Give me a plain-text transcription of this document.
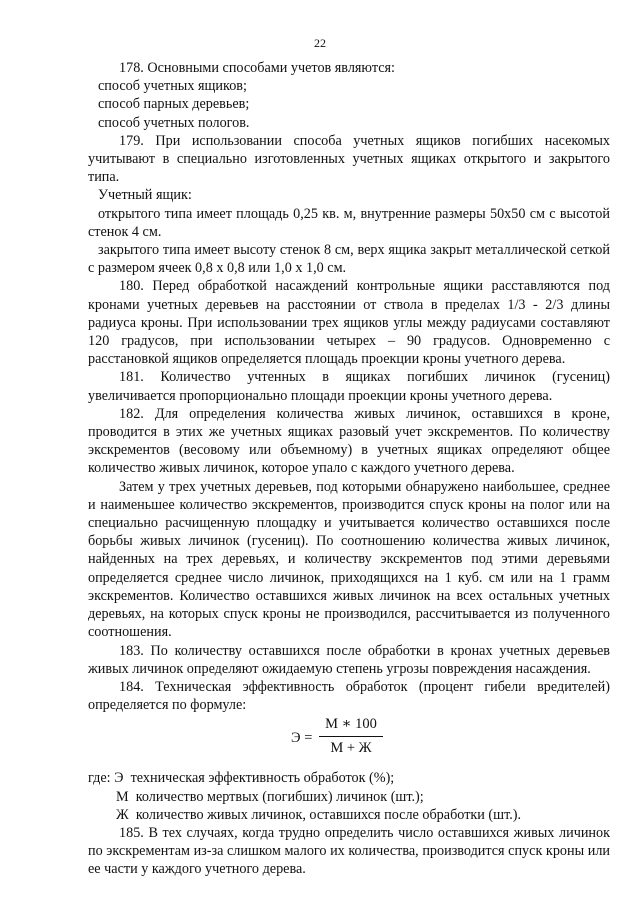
22

178. Основными способами учетов являются:

способ учетных ящиков;

способ парных деревьев;

способ учетных пологов.

179. При использовании способа учетных ящиков погибших насекомых учитывают в специально изготовленных учетных ящиках открытого и закрытого типа.

Учетный ящик:

открытого типа имеет площадь 0,25 кв. м, внутренние размеры 50х50 см с высотой стенок 4 см.

закрытого типа имеет высоту стенок 8 см, верх ящика закрыт металлической сеткой с размером ячеек 0,8 х 0,8 или 1,0 х 1,0 см.

180. Перед обработкой насаждений контрольные ящики расставляются под кронами учетных деревьев на расстоянии от ствола в пределах 1/3 - 2/3 длины радиуса кроны. При использовании трех ящиков углы между радиусами составляют 120 градусов, при использовании четырех – 90 градусов. Одновременно с расстановкой ящиков определяется площадь проекции кроны учетного дерева.

181. Количество учтенных в ящиках погибших личинок (гусениц) увеличивается пропорционально площади проекции кроны учетного дерева.

182. Для определения количества живых личинок, оставшихся в кроне, проводится в этих же учетных ящиках разовый учет экскрементов. По количеству экскрементов (весовому или объемному) в учетных ящиках определяют общее количество живых личинок, которое упало с каждого учетного дерева.

Затем у трех учетных деревьев, под которыми обнаружено наибольшее, среднее и наименьшее количество экскрементов, производится спуск кроны на полог или на специально расчищенную площадку и учитывается количество оставшихся после борьбы живых личинок (гусениц). По соотношению количества живых личинок, найденных на трех деревьях, и количеству экскрементов под этими деревьями определяется среднее число личинок, приходящихся на 1 куб. см или на 1 грамм экскрементов. Количество оставшихся живых личинок на всех остальных учетных деревьях, на которых спуск кроны не производился, рассчитывается из полученного соотношения.

183. По количеству оставшихся после обработки в кронах учетных деревьев живых личинок определяют ожидаемую степень угрозы повреждения насаждения.

184. Техническая эффективность обработок (процент гибели вредителей) определяется по формуле:

Э =
М ∗ 100
М + Ж

где: Э техническая эффективность обработок (%);

М количество мертвых (погибших) личинок (шт.);

Ж количество живых личинок, оставшихся после обработки (шт.).

185. В тех случаях, когда трудно определить число оставшихся живых личинок по экскрементам из-за слишком малого их количества, производится спуск кроны или ее части у каждого учетного дерева.
